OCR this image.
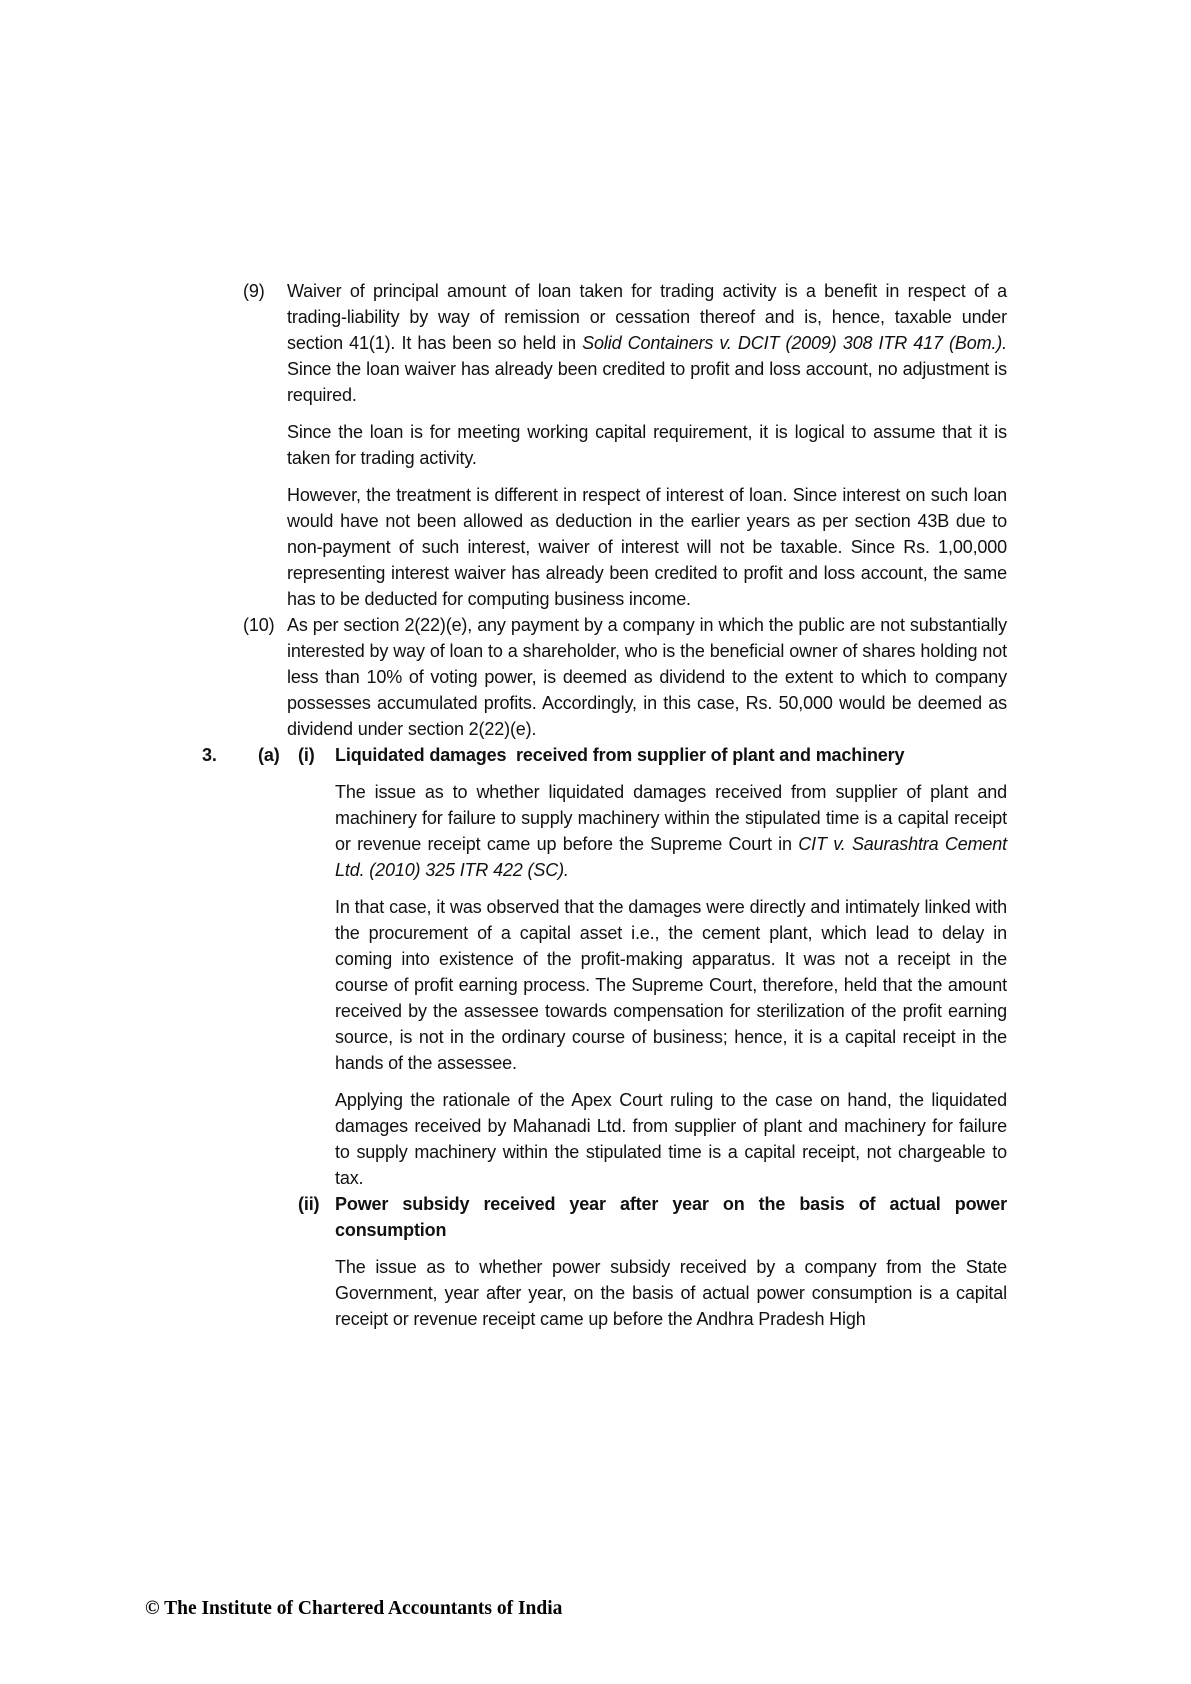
(9)	Waiver of principal amount of loan taken for trading activity is a benefit in respect of a trading-liability by way of remission or cessation thereof and is, hence, taxable under section 41(1). It has been so held in Solid Containers v. DCIT (2009) 308 ITR 417 (Bom.). Since the loan waiver has already been credited to profit and loss account, no adjustment is required.

Since the loan is for meeting working capital requirement, it is logical to assume that it is taken for trading activity.

However, the treatment is different in respect of interest of loan. Since interest on such loan would have not been allowed as deduction in the earlier years as per section 43B due to non-payment of such interest, waiver of interest will not be taxable. Since Rs. 1,00,000 representing interest waiver has already been credited to profit and loss account, the same has to be deducted for computing business income.

(10) As per section 2(22)(e), any payment by a company in which the public are not substantially interested by way of loan to a shareholder, who is the beneficial owner of shares holding not less than 10% of voting power, is deemed as dividend to the extent to which to company possesses accumulated profits. Accordingly, in this case, Rs. 50,000 would be deemed as dividend under section 2(22)(e).

3.	(a)	(i)	Liquidated damages  received from supplier of plant and machinery

The issue as to whether liquidated damages received from supplier of plant and machinery for failure to supply machinery within the stipulated time is a capital receipt or revenue receipt came up before the Supreme Court in CIT v. Saurashtra Cement Ltd. (2010) 325 ITR 422 (SC).

In that case, it was observed that the damages were directly and intimately linked with the procurement of a capital asset i.e., the cement plant, which lead to delay in coming into existence of the profit-making apparatus. It was not a receipt in the course of profit earning process. The Supreme Court, therefore, held that the amount received by the assessee towards compensation for sterilization of the profit earning source, is not in the ordinary course of business; hence, it is a capital receipt in the hands of the assessee.

Applying the rationale of the Apex Court ruling to the case on hand, the liquidated damages received by Mahanadi Ltd. from supplier of plant and machinery for failure to supply machinery within the stipulated time is a capital receipt, not chargeable to tax.

(ii) Power subsidy received year after year on the basis of actual power consumption

The issue as to whether power subsidy received by a company from the State Government, year after year, on the basis of actual power consumption is a capital receipt or revenue receipt came up before the Andhra Pradesh High

© The Institute of Chartered Accountants of India
